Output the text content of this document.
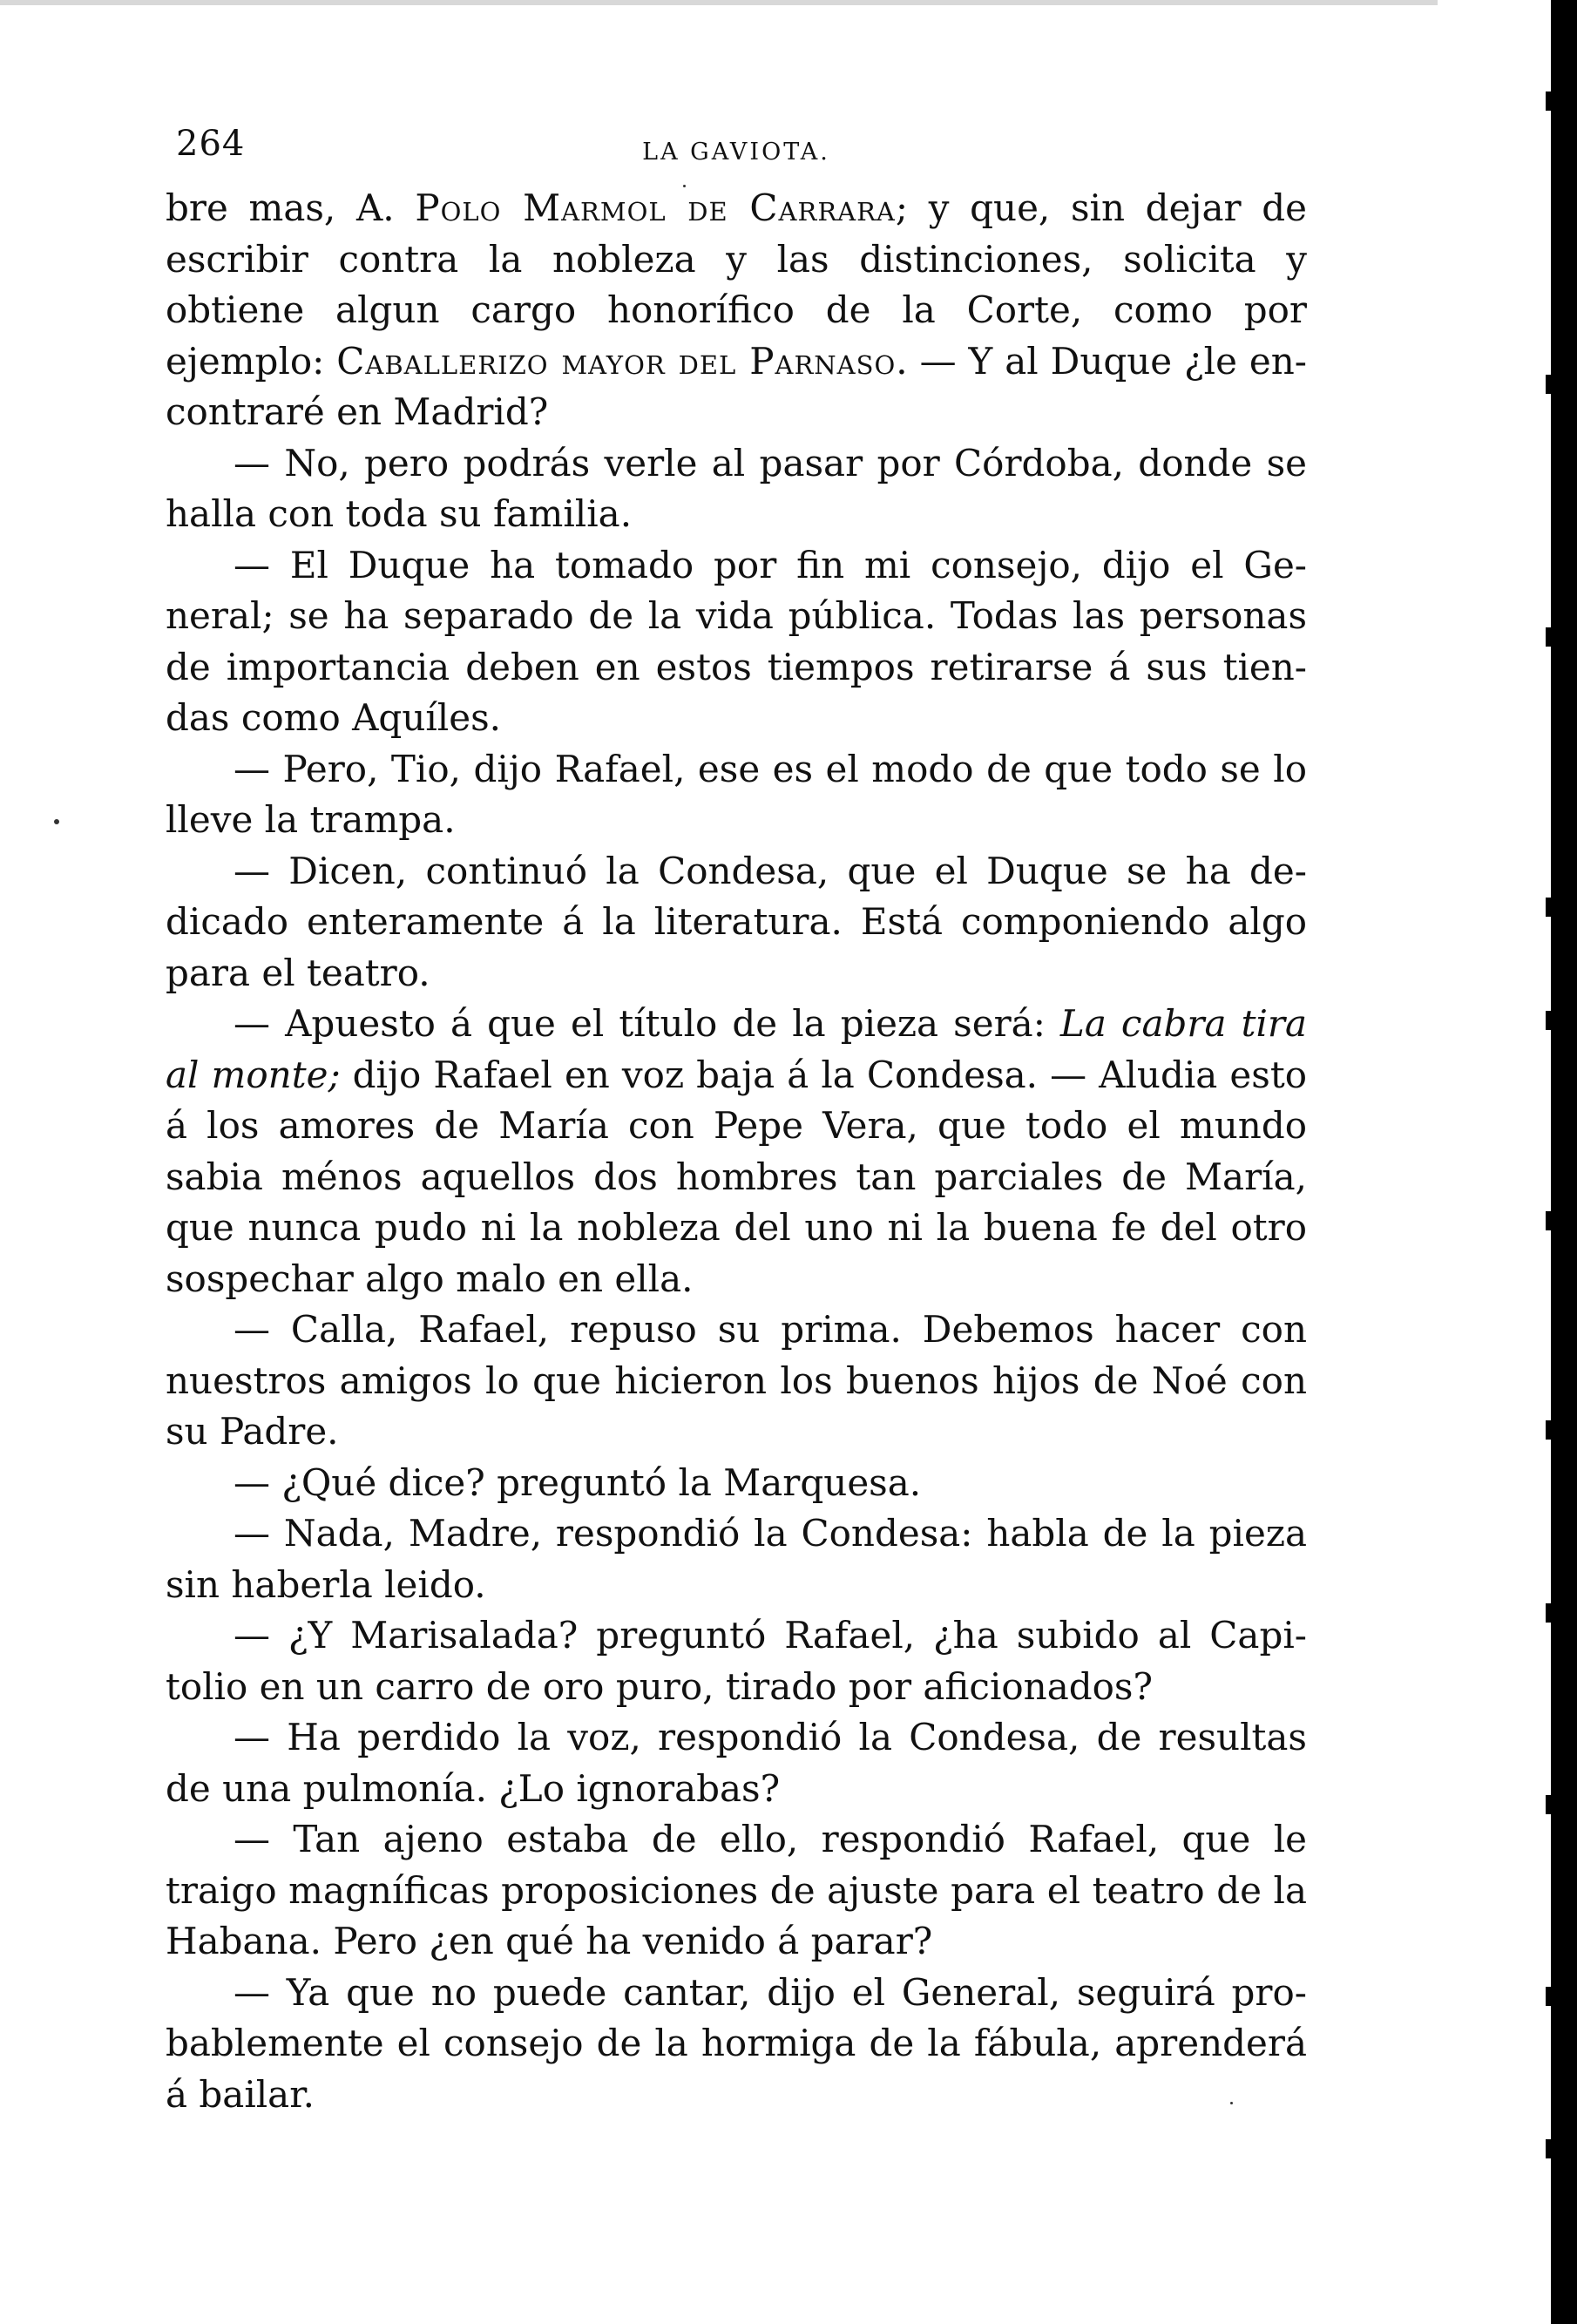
264	LA GAVIOTA.

bre mas, A. Polo Marmol de Carrara; y que, sin dejar de escribir contra la nobleza y las distinciones, solicita y obtiene algun cargo honorífico de la Corte, como por ejemplo: Caballerizo mayor del Parnaso. — Y al Duque ¿le encontraré en Madrid?

— No, pero podrás verle al pasar por Córdoba, donde se halla con toda su familia.

— El Duque ha tomado por fin mi consejo, dijo el General; se ha separado de la vida pública. Todas las personas de importancia deben en estos tiempos retirarse á sus tiendas como Aquíles.

— Pero, Tio, dijo Rafael, ese es el modo de que todo se lo lleve la trampa.

— Dicen, continuó la Condesa, que el Duque se ha dedicado enteramente á la literatura. Está componiendo algo para el teatro.

— Apuesto á que el título de la pieza será: La cabra tira al monte; dijo Rafael en voz baja á la Condesa. — Aludia esto á los amores de María con Pepe Vera, que todo el mundo sabia ménos aquellos dos hombres tan parciales de María, que nunca pudo ni la nobleza del uno ni la buena fe del otro sospechar algo malo en ella.

— Calla, Rafael, repuso su prima. Debemos hacer con nuestros amigos lo que hicieron los buenos hijos de Noé con su Padre.

— ¿Qué dice? preguntó la Marquesa.

— Nada, Madre, respondió la Condesa: habla de la pieza sin haberla leido.

— ¿Y Marisalada? preguntó Rafael, ¿ha subido al Capitolio en un carro de oro puro, tirado por aficionados?

— Ha perdido la voz, respondió la Condesa, de resultas de una pulmonía. ¿Lo ignorabas?

— Tan ajeno estaba de ello, respondió Rafael, que le traigo magníficas proposiciones de ajuste para el teatro de la Habana. Pero ¿en qué ha venido á parar?

— Ya que no puede cantar, dijo el General, seguirá probablemente el consejo de la hormiga de la fábula, aprenderá á bailar.
